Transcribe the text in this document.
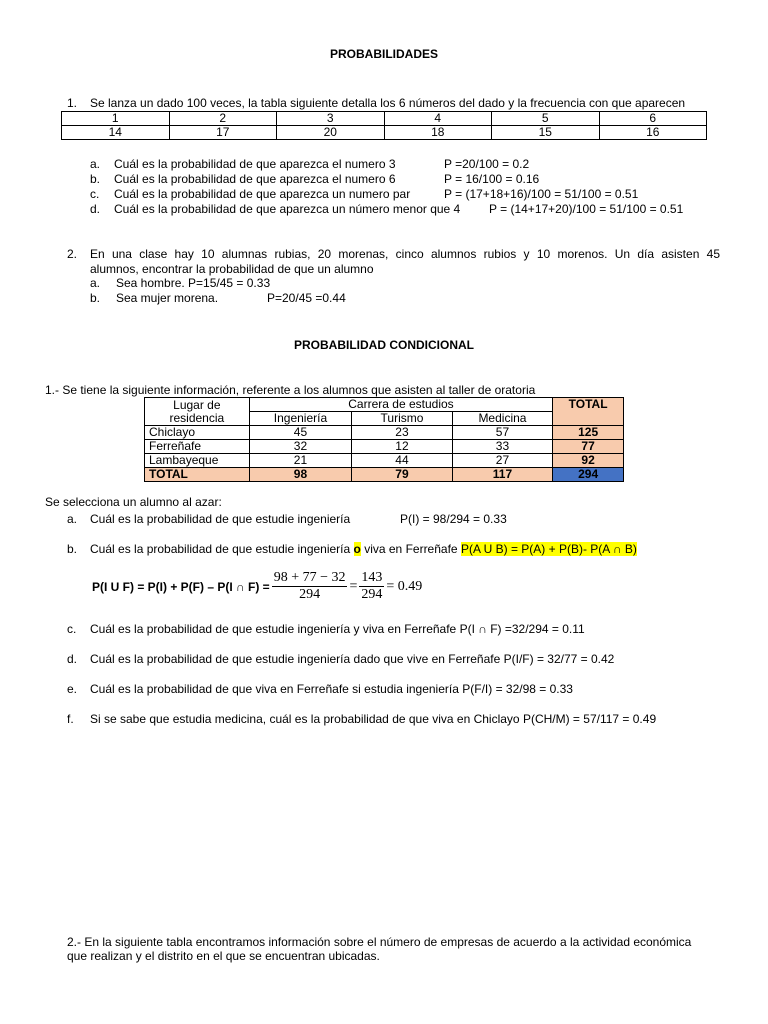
PROBABILIDADES
1. Se lanza un dado 100 veces, la tabla siguiente detalla los 6 números del dado y la frecuencia con que aparecen
1	2	3	4	5	6
14	17	20	18	15	16
a. Cuál es la probabilidad de que aparezca el numero 3	P =20/100 = 0.2
b. Cuál es la probabilidad de que aparezca el numero 6	P = 16/100 = 0.16
c. Cuál es la probabilidad de que aparezca un numero par	P = (17+18+16)/100 = 51/100 = 0.51
d. Cuál es la probabilidad de que aparezca un número menor que 4 P = (14+17+20)/100 = 51/100 = 0.51
2. En una clase hay 10 alumnas rubias, 20 morenas, cinco alumnos rubios y 10 morenos. Un día asisten 45
alumnos, encontrar la probabilidad de que un alumno
a. Sea hombre. P=15/45 = 0.33
b. Sea mujer morena.	P=20/45 =0.44
PROBABILIDAD CONDICIONAL
1.- Se tiene la siguiente información, referente a los alumnos que asisten al taller de oratoria
Lugar de
residencia	Carrera de estudios			TOTAL
	Ingeniería	Turismo	Medicina	
Chiclayo	45	23	57	125
Ferreñafe	32	12	33	77
Lambayeque	21	44	27	92
TOTAL	98	79	117	294
Se selecciona un alumno al azar:
a. Cuál es la probabilidad de que estudie ingeniería	P(I) = 98/294 = 0.33
b. Cuál es la probabilidad de que estudie ingeniería o viva en Ferreñafe P(A U B) = P(A) + P(B)- P(A ∩ B)
P(I U F) = P(I) + P(F) – P(I ∩ $F) = \frac{98 + 77 - 32}{294} = \frac{143}{294} = 0.49$
c. Cuál es la probabilidad de que estudie ingeniería y viva en Ferreñafe P(I ∩ F) =32/294 = 0.11
d. Cuál es la probabilidad de que estudie ingeniería dado que vive en Ferreñafe P(I/F) = 32/77 = 0.42
e. Cuál es la probabilidad de que viva en Ferreñafe si estudia ingeniería P(F/I) = 32/98 = 0.33
f. Si se sabe que estudia medicina, cuál es la probabilidad de que viva en Chiclayo P(CH/M) = 57/117 = 0.49
2.- En la siguiente tabla encontramos información sobre el número de empresas de acuerdo a la actividad económica
que realizan y el distrito en el que se encuentran ubicadas.
